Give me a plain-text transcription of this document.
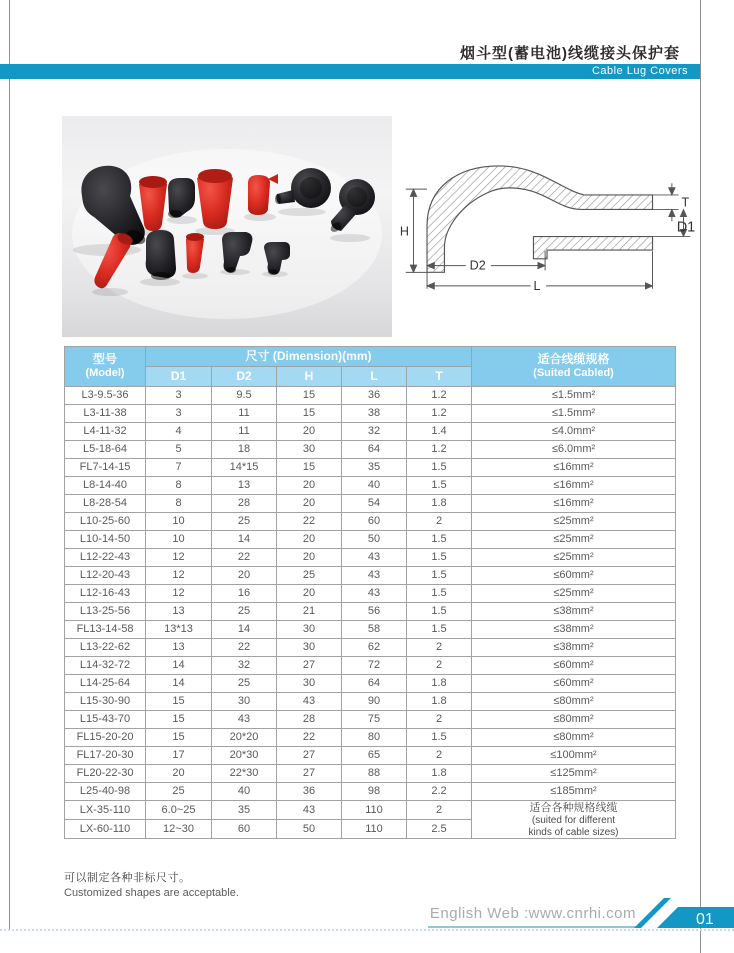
烟斗型(蓄电池)线缆接头保护套
Cable Lug Covers
H
D2
L
T
D1
型号
(Model)
	尺寸 (Dimension)(mm)	适合线缆规格
(Suited Cabled)

	D1	D2	H	L	T	
L3-9.5-36	3	9.5	15	36	1.2	≤1.5mm²
L3-11-38	3	11	15	38	1.2	≤1.5mm²
L4-11-32	4	11	20	32	1.4	≤4.0mm²
L5-18-64	5	18	30	64	1.2	≤6.0mm²
FL7-14-15	7	14*15	15	35	1.5	≤16mm²
L8-14-40	8	13	20	40	1.5	≤16mm²
L8-28-54	8	28	20	54	1.8	≤16mm²
L10-25-60	10	25	22	60	2	≤25mm²
L10-14-50	10	14	20	50	1.5	≤25mm²
L12-22-43	12	22	20	43	1.5	≤25mm²
L12-20-43	12	20	25	43	1.5	≤60mm²
L12-16-43	12	16	20	43	1.5	≤25mm²
L13-25-56	13	25	21	56	1.5	≤38mm²
FL13-14-58	13*13	14	30	58	1.5	≤38mm²
L13-22-62	13	22	30	62	2	≤38mm²
L14-32-72	14	32	27	72	2	≤60mm²
L14-25-64	14	25	30	64	1.8	≤60mm²
L15-30-90	15	30	43	90	1.8	≤80mm²
L15-43-70	15	43	28	75	2	≤80mm²
FL15-20-20	15	20*20	22	80	1.5	≤80mm²
FL17-20-30	17	20*30	27	65	2	≤100mm²
FL20-22-30	20	22*30	27	88	1.8	≤125mm²
L25-40-98	25	40	36	98	2.2	≤185mm²
LX-35-110	6.0~25	35	43	110	2	适合各种规格线缆
(suited for different
kinds of cable sizes)

LX-60-110	12~30	60	50	110	2.5	
可以制定各种非标尺寸。
Customized shapes are acceptable.
English Web :www.cnrhi.com	01
